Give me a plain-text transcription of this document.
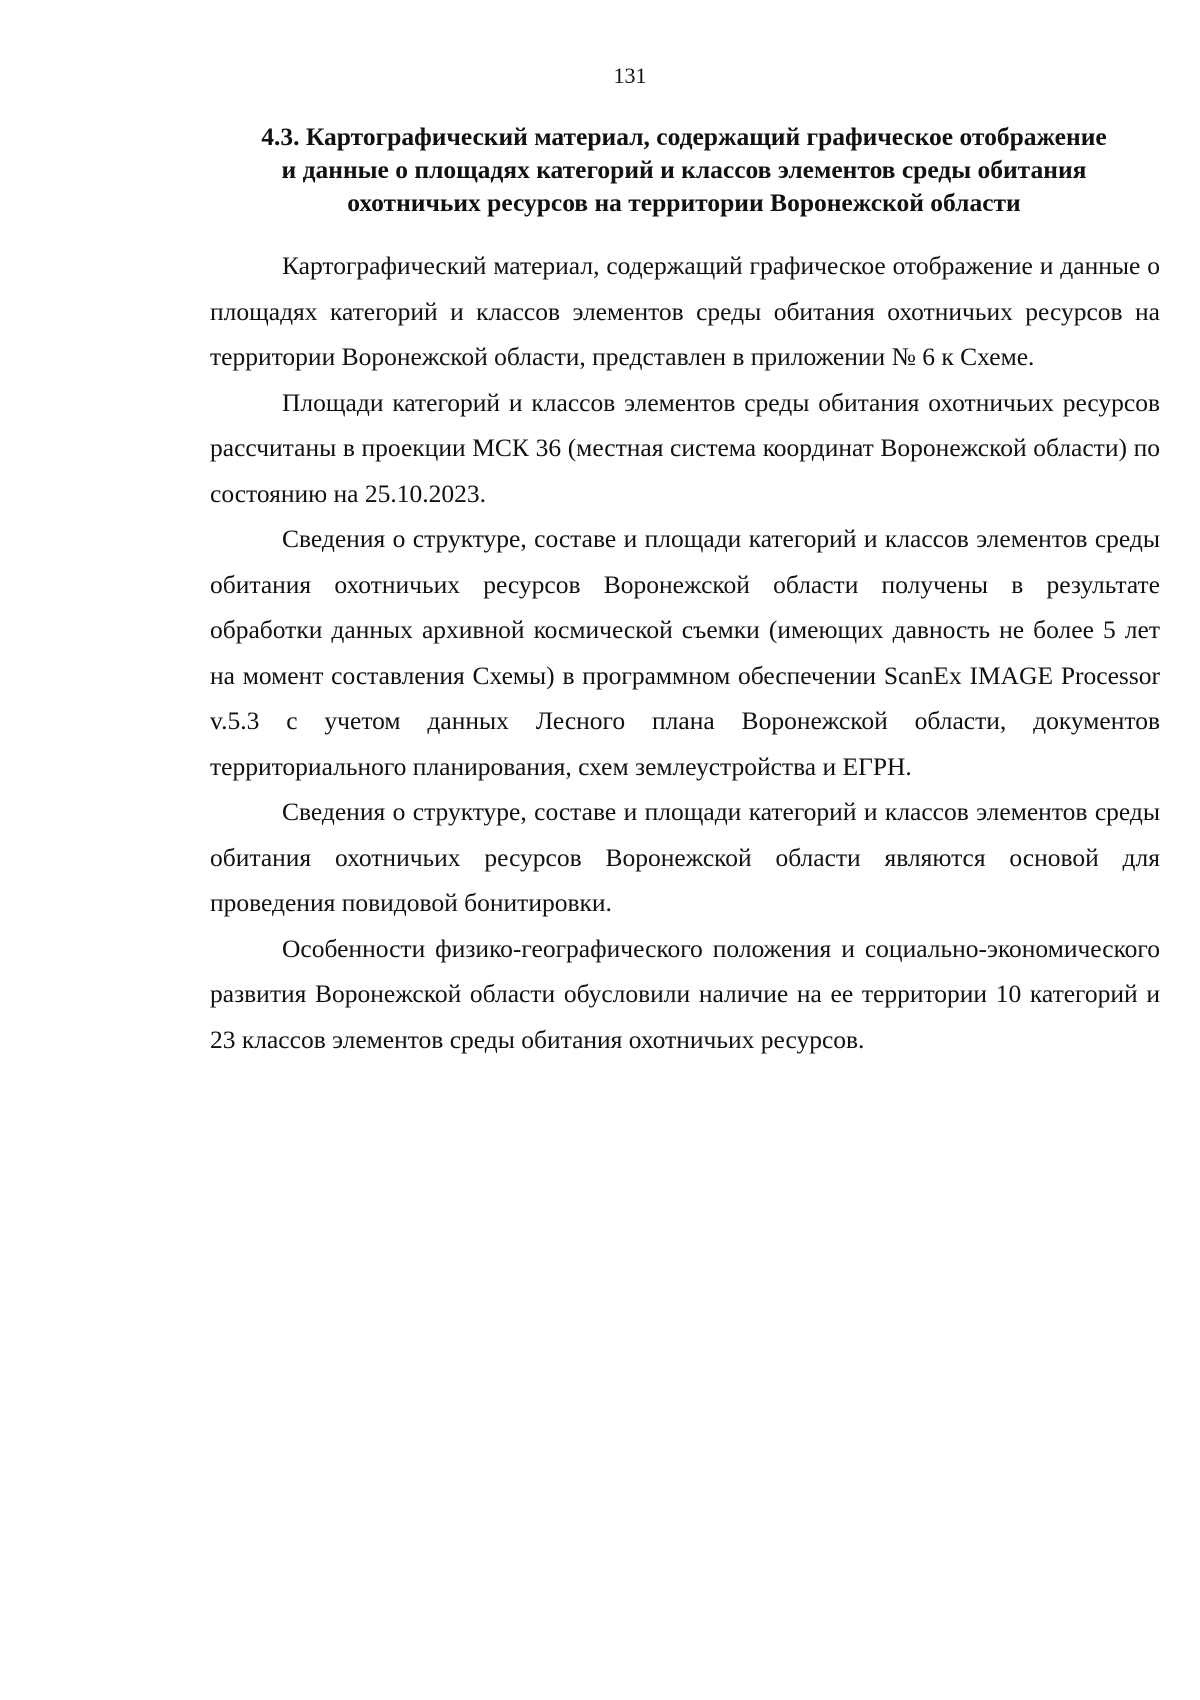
131
4.3. Картографический материал, содержащий графическое отображение
и данные о площадях категорий и классов элементов среды обитания
охотничьих ресурсов на территории Воронежской области

Картографический материал, содержащий графическое отображение и данные о площадях категорий и классов элементов среды обитания охотничьих ресурсов на территории Воронежской области, представлен в приложении № 6 к Схеме.

Площади категорий и классов элементов среды обитания охотничьих ресурсов рассчитаны в проекции МСК 36 (местная система координат Воронежской области) по состоянию на 25.10.2023.

Сведения о структуре, составе и площади категорий и классов элементов среды обитания охотничьих ресурсов Воронежской области получены в результате обработки данных архивной космической съемки (имеющих давность не более 5 лет на момент составления Схемы) в программном обеспечении ScanEx IMAGE Processor v.5.3 с учетом данных Лесного плана Воронежской области, документов территориального планирования, схем землеустройства и ЕГРН.

Сведения о структуре, составе и площади категорий и классов элементов среды обитания охотничьих ресурсов Воронежской области являются основой для проведения повидовой бонитировки.

Особенности физико-географического положения и социально-экономического развития Воронежской области обусловили наличие на ее территории 10 категорий и 23 классов элементов среды обитания охотничьих ресурсов.
